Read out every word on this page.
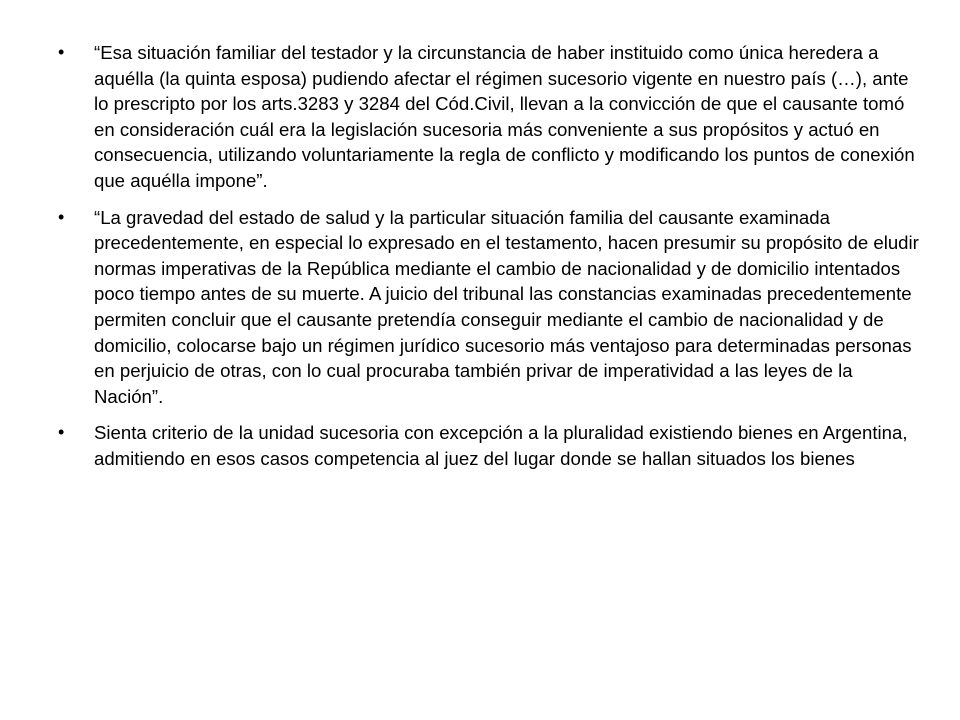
•	“Esa situación familiar del testador y la circunstancia de haber instituido como única heredera a aquélla (la quinta esposa) pudiendo afectar el régimen sucesorio vigente en nuestro país (…), ante lo prescripto por los arts.3283 y 3284 del Cód.Civil, llevan a la convicción de que el causante tomó en consideración cuál era la legislación sucesoria más conveniente a sus propósitos y actuó en consecuencia, utilizando voluntariamente la regla de conflicto y modificando los puntos de conexión que aquélla impone”.
•	“La gravedad del estado de salud y la particular situación familia del causante examinada precedentemente, en especial lo expresado en el testamento, hacen presumir su propósito de eludir normas imperativas de la República mediante el cambio de nacionalidad y de domicilio intentados poco tiempo antes de su muerte. A juicio del tribunal las constancias examinadas precedentemente permiten concluir que el causante pretendía conseguir mediante el cambio de nacionalidad y de domicilio, colocarse bajo un régimen jurídico sucesorio más ventajoso para determinadas personas en perjuicio de otras, con lo cual procuraba también privar de imperatividad a las leyes de la Nación”.
•	Sienta criterio de la unidad sucesoria con excepción a la pluralidad existiendo bienes en Argentina, admitiendo en esos casos competencia al juez del lugar donde se hallan situados los bienes
